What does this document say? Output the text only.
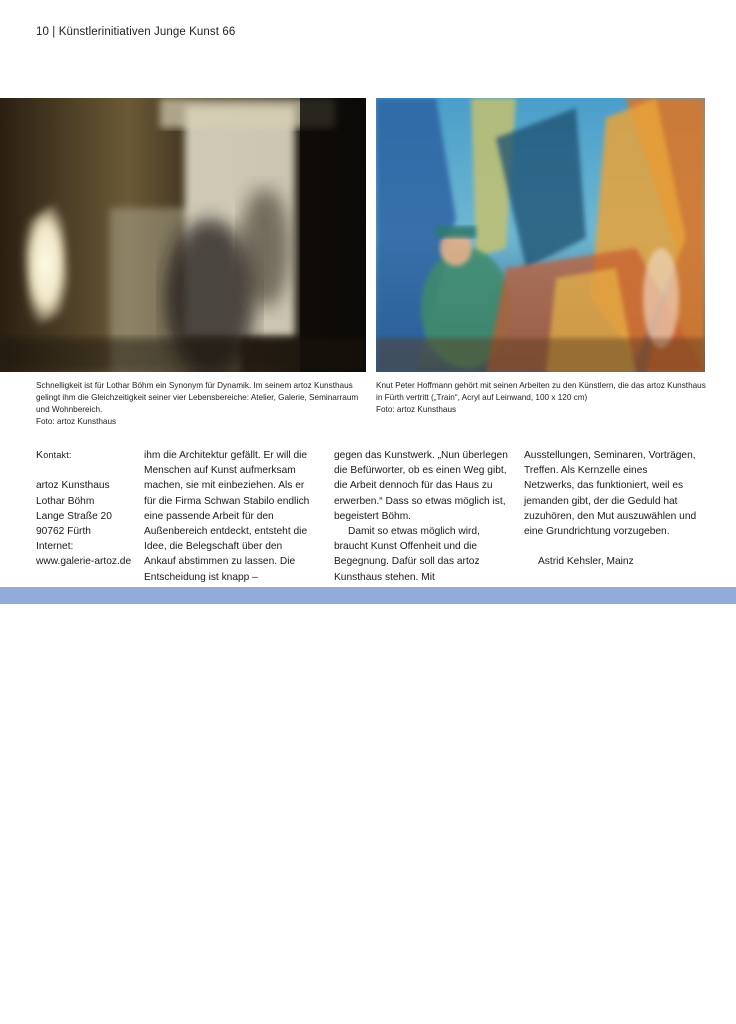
10 | Künstlerinitiativen Junge Kunst 66

Schnelligkeit ist für Lothar Böhm ein Synonym für Dynamik. Im seinem artoz Kunsthaus gelingt ihm die Gleichzeitigkeit seiner vier Lebensbereiche: Atelier, Galerie, Seminarraum und Wohnbereich.

Foto: artoz Kunsthaus

Knut Peter Hoffmann gehört mit seinen Arbeiten zu den Künstlern, die das artoz Kunsthaus in Fürth vertritt („Train“, Acryl auf Leinwand, 100 x 120 cm)

Foto: artoz Kunsthaus

Kontakt:

artoz Kunsthaus

Lothar Böhm

Lange Straße 20

90762 Fürth

Internet:

www.galerie-artoz.de

ihm die Architektur gefällt. Er will die Menschen auf Kunst aufmerksam machen, sie mit einbeziehen. Als er für die Firma Schwan Stabilo endlich eine passende Arbeit für den Außenbereich entdeckt, entsteht die Idee, die Belegschaft über den Ankauf abstimmen zu lassen. Die Entscheidung ist knapp –

gegen das Kunstwerk. „Nun überlegen die Befürworter, ob es einen Weg gibt, die Arbeit dennoch für das Haus zu erwerben.“ Dass so etwas möglich ist, begeistert Böhm.

Damit so etwas möglich wird, braucht Kunst Offenheit und die Begegnung. Dafür soll das artoz Kunsthaus stehen. Mit

Ausstellungen, Seminaren, Vorträgen, Treffen. Als Kernzelle eines Netzwerks, das funktioniert, weil es jemanden gibt, der die Geduld hat zuzuhören, den Mut auszuwählen und eine Grundrichtung vorzugeben.

Astrid Kehsler, Mainz
